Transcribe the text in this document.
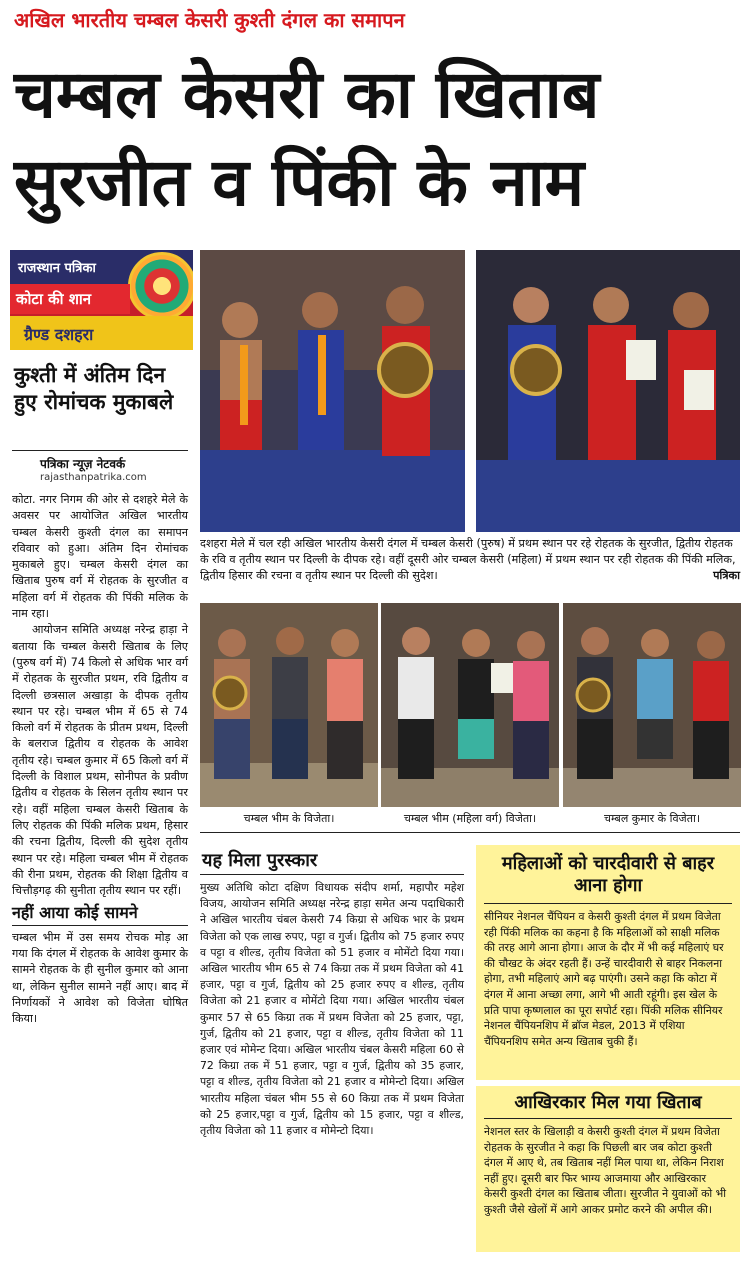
अखिल भारतीय चम्बल केसरी कुश्ती दंगल का समापन
चम्बल केसरी का खिताब
सुरजीत व पिंकी के नाम
राजस्थान पत्रिका
कोटा की शान
ग्रैण्ड दशहरा
कुश्ती में अंतिम दिन हुए रोमांचक मुकाबले
पत्रिका न्यूज़ नेटवर्क
rajasthanpatrika.com
कोटा. नगर निगम की ओर से दशहरे मेले के अवसर पर आयोजित अखिल भारतीय चम्बल केसरी कुश्ती दंगल का समापन रविवार को हुआ। अंतिम दिन रोमांचक मुकाबले हुए। चम्बल केसरी दंगल का खिताब पुरुष वर्ग में रोहतक के सुरजीत व महिला वर्ग में रोहतक की पिंकी मलिक के नाम रहा।
आयोजन समिति अध्यक्ष नरेन्द्र हाड़ा ने बताया कि चम्बल केसरी खिताब के लिए (पुरुष वर्ग में) 74 किलो से अधिक भार वर्ग में रोहतक के सुरजीत प्रथम, रवि द्वितीय व दिल्ली छत्रसाल अखाड़ा के दीपक तृतीय स्थान पर रहे। चम्बल भीम में 65 से 74 किलो वर्ग में रोहतक के प्रीतम प्रथम, दिल्ली के बलराज द्वितीय व रोहतक के आवेश तृतीय रहे। चम्बल कुमार में 65 किलो वर्ग में दिल्ली के विशाल प्रथम, सोनीपत के प्रवीण द्वितीय व रोहतक के सिलन तृतीय स्थान पर रहे। वहीं महिला चम्बल केसरी खिताब के लिए रोहतक की पिंकी मलिक प्रथम, हिसार की रचना द्वितीय, दिल्ली की सुदेश तृतीय स्थान पर रहे। महिला चम्बल भीम में रोहतक की रीना प्रथम, रोहतक की शिक्षा द्वितीय व चित्तौड़गढ़ की सुनीता तृतीय स्थान पर रहीं।
नहीं आया कोई सामने
चम्बल भीम में उस समय रोचक मोड़ आ गया कि दंगल में रोहतक के आवेश कुमार के सामने रोहतक के ही सुनील कुमार को आना था, लेकिन सुनील सामने नहीं आए। बाद में निर्णायकों ने आवेश को विजेता घोषित किया।
दशहरा मेले में चल रही अखिल भारतीय केसरी दंगल में चम्बल केसरी (पुरुष) में प्रथम स्थान पर रहे रोहतक के सुरजीत, द्वितीय रोहतक के रवि व तृतीय स्थान पर दिल्ली के दीपक रहे। वहीं दूसरी ओर चम्बल केसरी (महिला) में प्रथम स्थान पर रही रोहतक की पिंकी मलिक, द्वितीय हिसार की रचना व तृतीय स्थान पर दिल्ली की सुदेश।	पत्रिका
चम्बल भीम के विजेता।	चम्बल भीम (महिला वर्ग) विजेता।	चम्बल कुमार के विजेता।
यह मिला पुरस्कार
मुख्य अतिथि कोटा दक्षिण विधायक संदीप शर्मा, महापौर महेश विजय, आयोजन समिति अध्यक्ष नरेन्द्र हाड़ा समेत अन्य पदाधिकारी ने अखिल भारतीय चंबल केसरी 74 किग्रा से अधिक भार के प्रथम विजेता को एक लाख रुपए, पट्टा व गुर्ज। द्वितीय को 75 हजार रुपए व पट्टा व शील्ड, तृतीय विजेता को 51 हजार व मोमेंटो दिया गया। अखिल भारतीय भीम 65 से 74 किग्रा तक में प्रथम विजेता को 41 हजार, पट्टा व गुर्ज, द्वितीय को 25 हजार रुपए व शील्ड, तृतीय विजेता को 21 हजार व मोमेंटो दिया गया। अखिल भारतीय चंबल कुमार 57 से 65 किग्रा तक में प्रथम विजेता को 25 हजार, पट्टा, गुर्ज, द्वितीय को 21 हजार, पट्टा व शील्ड, तृतीय विजेता को 11 हजार एवं मोमेन्ट दिया। अखिल भारतीय चंबल केसरी महिला 60 से 72 किग्रा तक में 51 हजार, पट्टा व गुर्ज, द्वितीय को 35 हजार, पट्टा व शील्ड, तृतीय विजेता को 21 हजार व मोमेन्टो दिया। अखिल भारतीय महिला चंबल भीम 55 से 60 किग्रा तक में प्रथम विजेता को 25 हजार,पट्टा व गुर्ज, द्वितीय को 15 हजार, पट्टा व शील्ड, तृतीय विजेता को 11 हजार व मोमेन्टो दिया।
महिलाओं को चारदीवारी से बाहर आना होगा
सीनियर नेशनल चैंपियन व केसरी कुश्ती दंगल में प्रथम विजेता रही पिंकी मलिक का कहना है कि महिलाओं को साक्षी मलिक की तरह आगे आना होगा। आज के दौर में भी कई महिलाएं घर की चौखट के अंदर रहती हैं। उन्हें चारदीवारी से बाहर निकलना होगा, तभी महिलाएं आगे बढ़ पाएंगी। उसने कहा कि कोटा में दंगल में आना अच्छा लगा, आगे भी आती रहूंगी। इस खेल के प्रति पापा कृष्णलाल का पूरा सपोर्ट रहा। पिंकी मलिक सीनियर नेशनल चैंपियनशिप में ब्रॉज मेडल, 2013 में एशिया चैंपियनशिप समेत अन्य खिताब चुकी हैं।
आखिरकार मिल गया खिताब
नेशनल स्तर के खिलाड़ी व केसरी कुश्ती दंगल में प्रथम विजेता रोहतक के सुरजीत ने कहा कि पिछली बार जब कोटा कुश्ती दंगल में आए थे, तब खिताब नहीं मिल पाया था, लेकिन निराश नहीं हुए। दूसरी बार फिर भाग्य आजमाया और आखिरकार केसरी कुश्ती दंगल का खिताब जीता। सुरजीत ने युवाओं को भी कुश्ती जैसे खेलों में आगे आकर प्रमोट करने की अपील की।
